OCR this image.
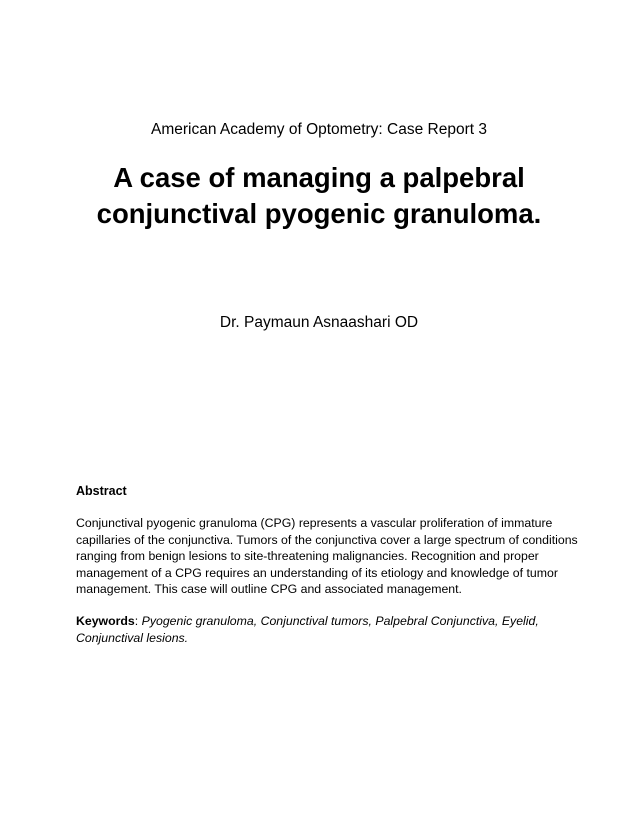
American Academy of Optometry: Case Report 3
A case of managing a palpebral
conjunctival pyogenic granuloma.
Dr. Paymaun Asnaashari OD
Abstract
Conjunctival pyogenic granuloma (CPG) represents a vascular proliferation of immature
capillaries of the conjunctiva. Tumors of the conjunctiva cover a large spectrum of conditions
ranging from benign lesions to site-threatening malignancies. Recognition and proper
management of a CPG requires an understanding of its etiology and knowledge of tumor
management. This case will outline CPG and associated management.
Keywords: Pyogenic granuloma, Conjunctival tumors, Palpebral Conjunctiva, Eyelid,
Conjunctival lesions.
